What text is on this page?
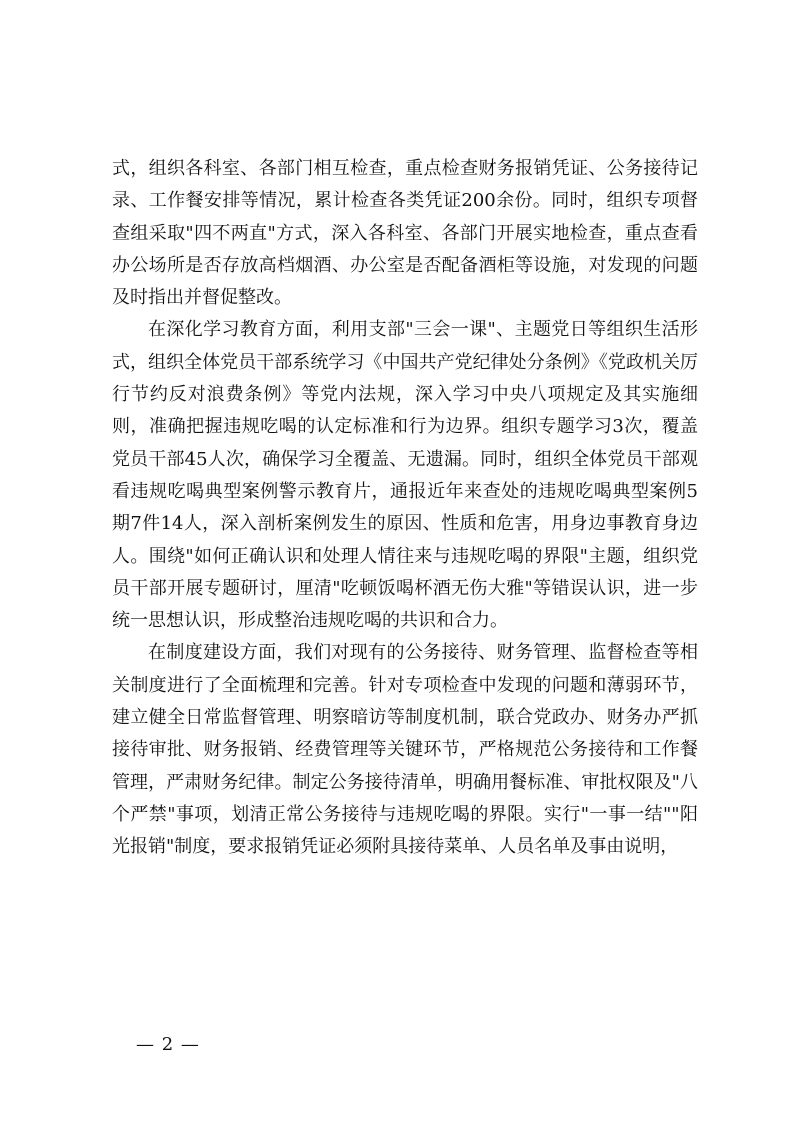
式，组织各科室、各部门相互检查，重点检查财务报销凭证、公务接待记录、工作餐安排等情况，累计检查各类凭证200余份。同时，组织专项督查组采取"四不两直"方式，深入各科室、各部门开展实地检查，重点查看办公场所是否存放高档烟酒、办公室是否配备酒柜等设施，对发现的问题及时指出并督促整改。

在深化学习教育方面，利用支部"三会一课"、主题党日等组织生活形式，组织全体党员干部系统学习《中国共产党纪律处分条例》《党政机关厉行节约反对浪费条例》等党内法规，深入学习中央八项规定及其实施细则，准确把握违规吃喝的认定标准和行为边界。组织专题学习3次，覆盖党员干部45人次，确保学习全覆盖、无遗漏。同时，组织全体党员干部观看违规吃喝典型案例警示教育片，通报近年来查处的违规吃喝典型案例5期7件14人，深入剖析案例发生的原因、性质和危害，用身边事教育身边人。围绕"如何正确认识和处理人情往来与违规吃喝的界限"主题，组织党员干部开展专题研讨，厘清"吃顿饭喝杯酒无伤大雅"等错误认识，进一步统一思想认识，形成整治违规吃喝的共识和合力。

在制度建设方面，我们对现有的公务接待、财务管理、监督检查等相关制度进行了全面梳理和完善。针对专项检查中发现的问题和薄弱环节，建立健全日常监督管理、明察暗访等制度机制，联合党政办、财务办严抓接待审批、财务报销、经费管理等关键环节，严格规范公务接待和工作餐管理，严肃财务纪律。制定公务接待清单，明确用餐标准、审批权限及"八个严禁"事项，划清正常公务接待与违规吃喝的界限。实行"一事一结""阳光报销"制度，要求报销凭证必须附具接待菜单、人员名单及事由说明，

— 2 —
